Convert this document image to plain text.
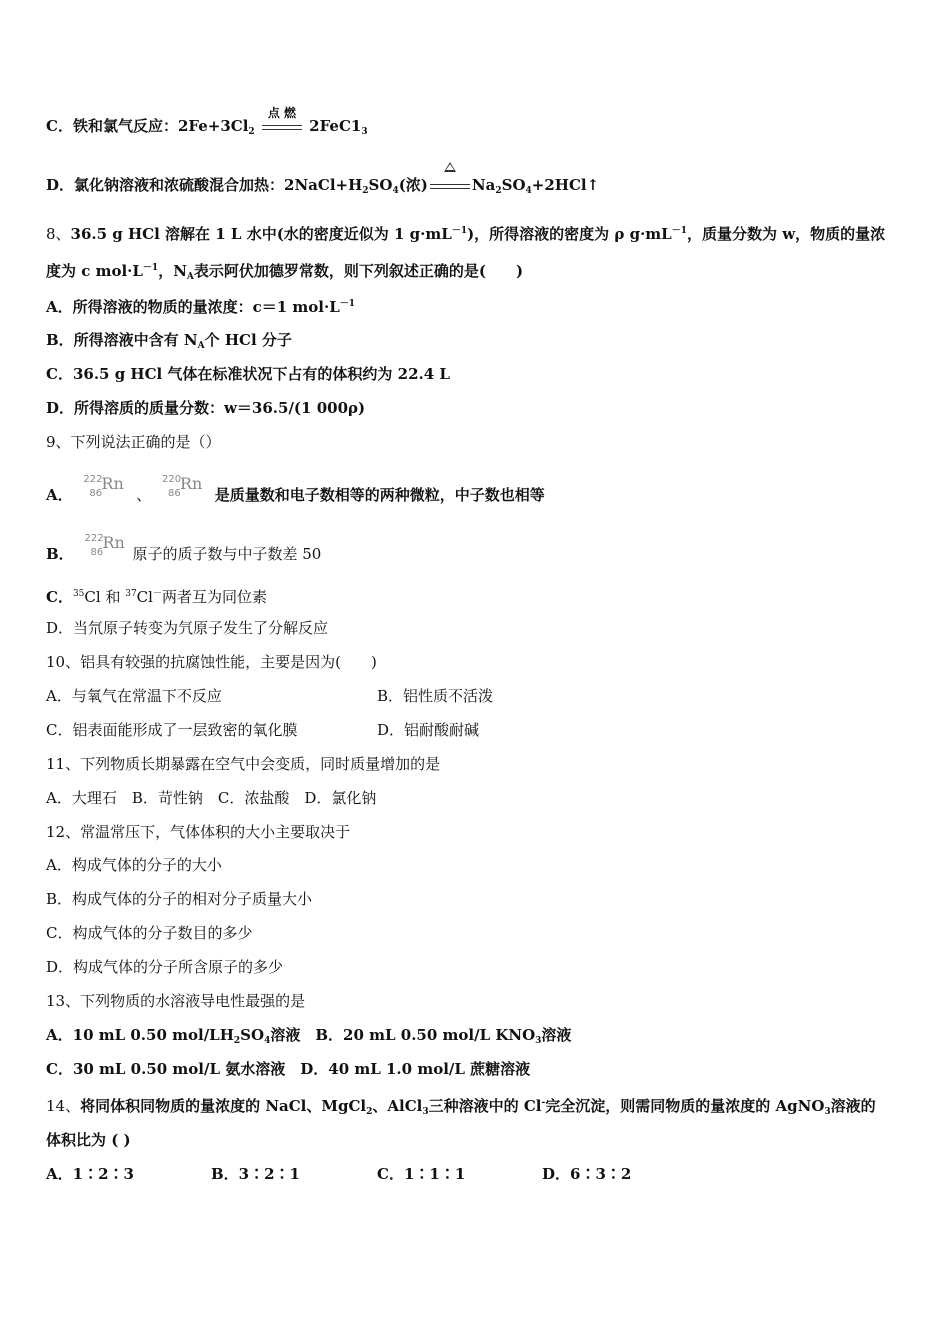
C．铁和氯气反应：$2Fe+3Cl_2$
点 燃
$2FeC1_3$
D．氯化钠溶液和浓硫酸混合加热：$2NaCl+H_2SO_4$(浓)	$Na_2SO_4+2HCl↑$
8、36.5 g HCl 溶解在 1 L 水中(水的密度近似为 1 $g\cdot mL^{-1}$)，所得溶液的密度为 ρ $g\cdot mL^{-1}$，质量分数为 w，物质的量浓
度为 c $mol\cdot L^{-1}$，$N_A$表示阿伏加德罗常数，则下列叙述正确的是(　　)
A．所得溶液的物质的量浓度：c＝1 $mol\cdot L^{-1}$
B．所得溶液中含有 $N_A$个 HCl 分子
C．36.5 g HCl 气体在标准状况下占有的体积约为 22.4 L
D．所得溶质的质量分数：w＝36.5/(1 000ρ)
9、下列说法正确的是（）
A．
222
86
Rn
、
220
86
Rn
是质量数和电子数相等的两种微粒，中子数也相等
B．
222
86
Rn
原子的质子数与中子数差 50
C．$^{35}$Cl 和 $^{37}$Cl－两者互为同位素
D．当氘原子转变为氕原子发生了分解反应
10、铝具有较强的抗腐蚀性能，主要是因为(　　)
A．与氧气在常温下不反应	B．铝性质不活泼
C．铝表面能形成了一层致密的氧化膜	D．铝耐酸耐碱
11、下列物质长期暴露在空气中会变质，同时质量增加的是
A．大理石　B．苛性钠　C．浓盐酸　D．氯化钠
12、常温常压下，气体体积的大小主要取决于
A．构成气体的分子的大小
B．构成气体的分子的相对分子质量大小
C．构成气体的分子数目的多少
D．构成气体的分子所含原子的多少
13、下列物质的水溶液导电性最强的是
A．10 mL 0.50 mol/$LH_2SO_4$溶液　B．20 mL 0.50 mol/L $KNO_3$溶液
C．30 mL 0.50 mol/L 氨水溶液　D．40 mL 1.0 mol/L 蔗糖溶液
14、将同体积同物质的量浓度的 NaCl、MgCl$_2$、AlCl$_3$三种溶液中的 Cl-完全沉淀，则需同物质的量浓度的 AgNO$_3$溶液的
体积比为 ( )
A．1∶2∶3	B．3∶2∶1	C．1∶1∶1	D．6∶3∶2
